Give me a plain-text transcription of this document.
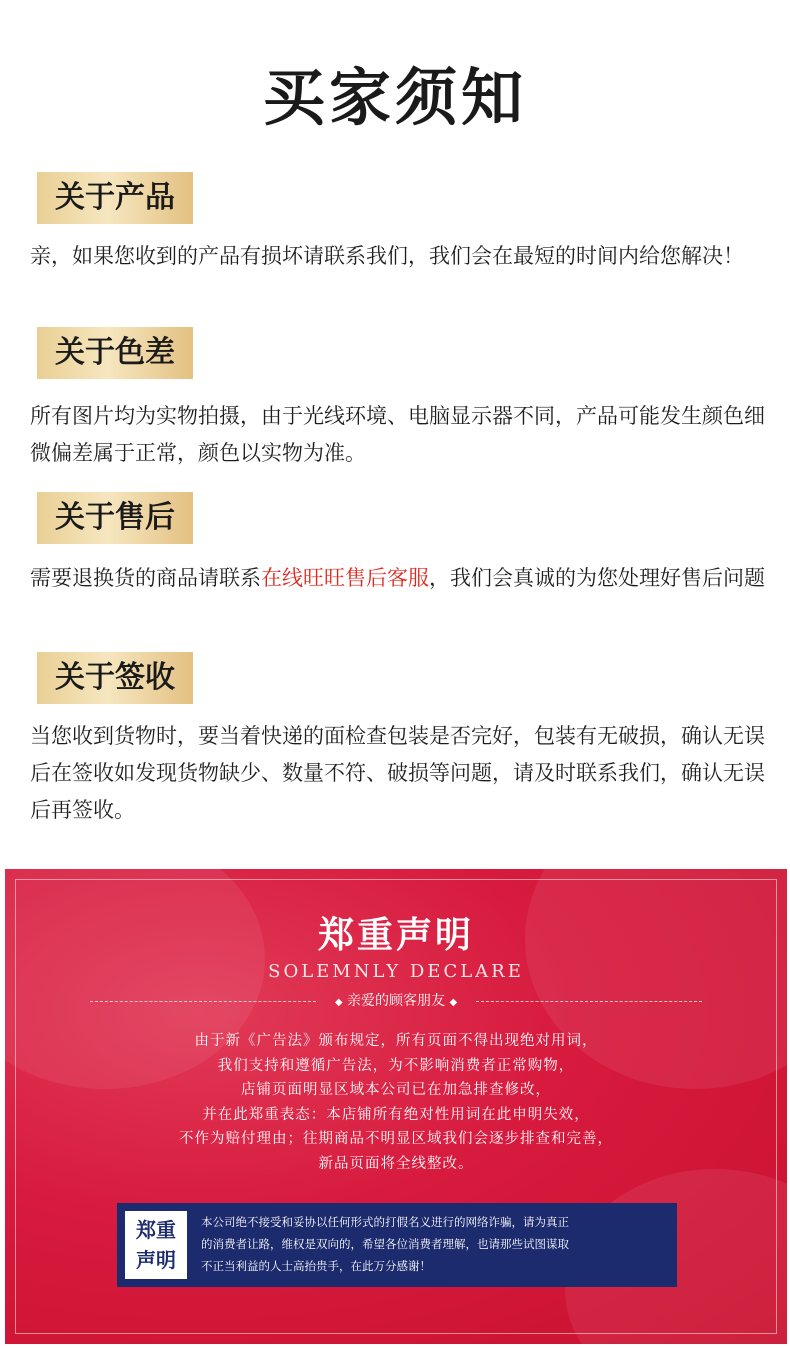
买家须知
关于产品
亲，如果您收到的产品有损坏请联系我们，我们会在最短的时间内给您解决！
关于色差
所有图片均为实物拍摄，由于光线环境、电脑显示器不同，产品可能发生颜色细微偏差属于正常，颜色以实物为准。
关于售后
需要退换货的商品请联系在线旺旺售后客服，我们会真诚的为您处理好售后问题
关于签收
当您收到货物时，要当着快递的面检查包装是否完好，包装有无破损，确认无误后在签收如发现货物缺少、数量不符、破损等问题，请及时联系我们，确认无误后再签收。
郑重声明
SOLEMNLY DECLARE
◆ 亲爱的顾客朋友 ◆
由于新《广告法》颁布规定，所有页面不得出现绝对用词，
我们支持和遵循广告法，为不影响消费者正常购物，
店铺页面明显区域本公司已在加急排查修改，
并在此郑重表态：本店铺所有绝对性用词在此申明失效，
不作为赔付理由；往期商品不明显区域我们会逐步排查和完善，
新品页面将全线整改。
郑重
声明
本公司绝不接受和妥协以任何形式的打假名义进行的网络诈骗，请为真正
的消费者让路，维权是双向的，希望各位消费者理解，也请那些试图谋取
不正当利益的人士高抬贵手，在此万分感谢！
